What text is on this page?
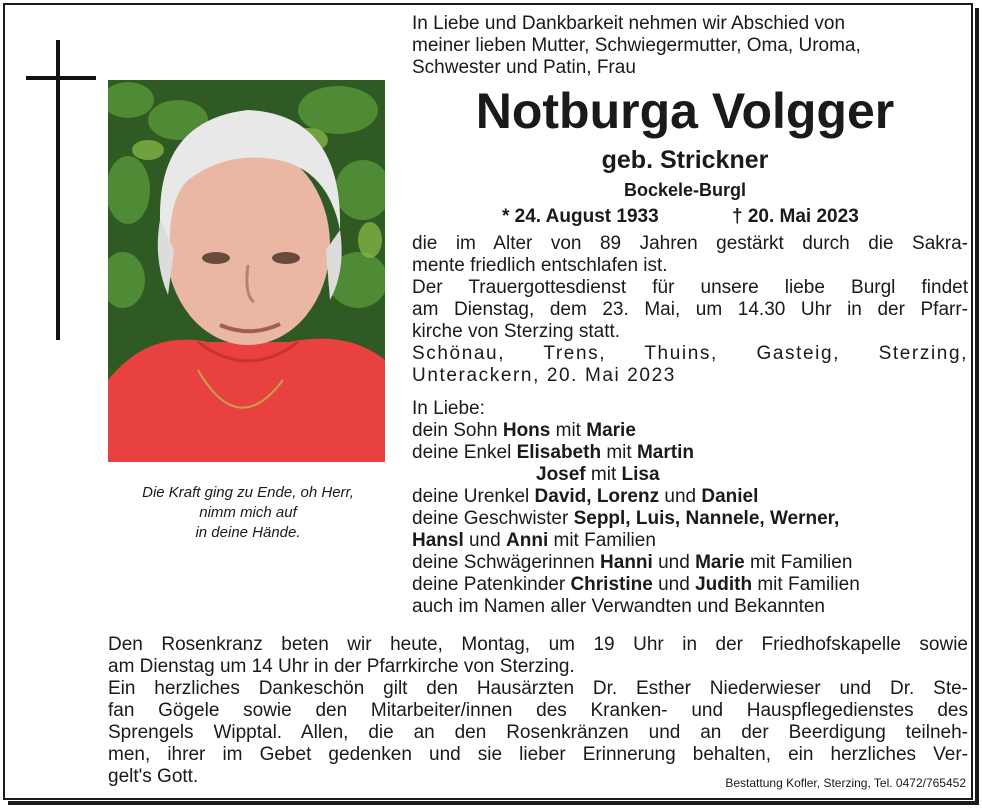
Die Kraft ging zu Ende, oh Herr,
nimm mich auf
in deine Hände.
In Liebe und Dankbarkeit nehmen wir Abschied von
meiner lieben Mutter, Schwiegermutter, Oma, Uroma,
Schwester und Patin, Frau
Notburga Volgger
geb. Strickner
Bockele-Burgl
* 24. August 1933	† 20. Mai 2023
die im Alter von 89 Jahren gestärkt durch die Sakra-
mente friedlich entschlafen ist.
Der Trauergottesdienst für unsere liebe Burgl findet
am Dienstag, dem 23. Mai, um 14.30 Uhr in der Pfarr-
kirche von Sterzing statt.
Schönau, Trens, Thuins, Gasteig, Sterzing,
Unterackern, 20. Mai 2023
In Liebe:
dein Sohn Hons mit Marie
deine Enkel Elisabeth mit Martin
Josef mit Lisa
deine Urenkel David, Lorenz und Daniel
deine Geschwister Seppl, Luis, Nannele, Werner,
Hansl und Anni mit Familien
deine Schwägerinnen Hanni und Marie mit Familien
deine Patenkinder Christine und Judith mit Familien
auch im Namen aller Verwandten und Bekannten
Den Rosenkranz beten wir heute, Montag, um 19 Uhr in der Friedhofskapelle sowie
am Dienstag um 14 Uhr in der Pfarrkirche von Sterzing.
Ein herzliches Dankeschön gilt den Hausärzten Dr. Esther Niederwieser und Dr. Ste-
fan Gögele sowie den Mitarbeiter/innen des Kranken- und Hauspflegedienstes des
Sprengels Wipptal. Allen, die an den Rosenkränzen und an der Beerdigung teilneh-
men, ihrer im Gebet gedenken und sie lieber Erinnerung behalten, ein herzliches Ver-
gelt's Gott.	Bestattung Kofler, Sterzing, Tel. 0472/765452
